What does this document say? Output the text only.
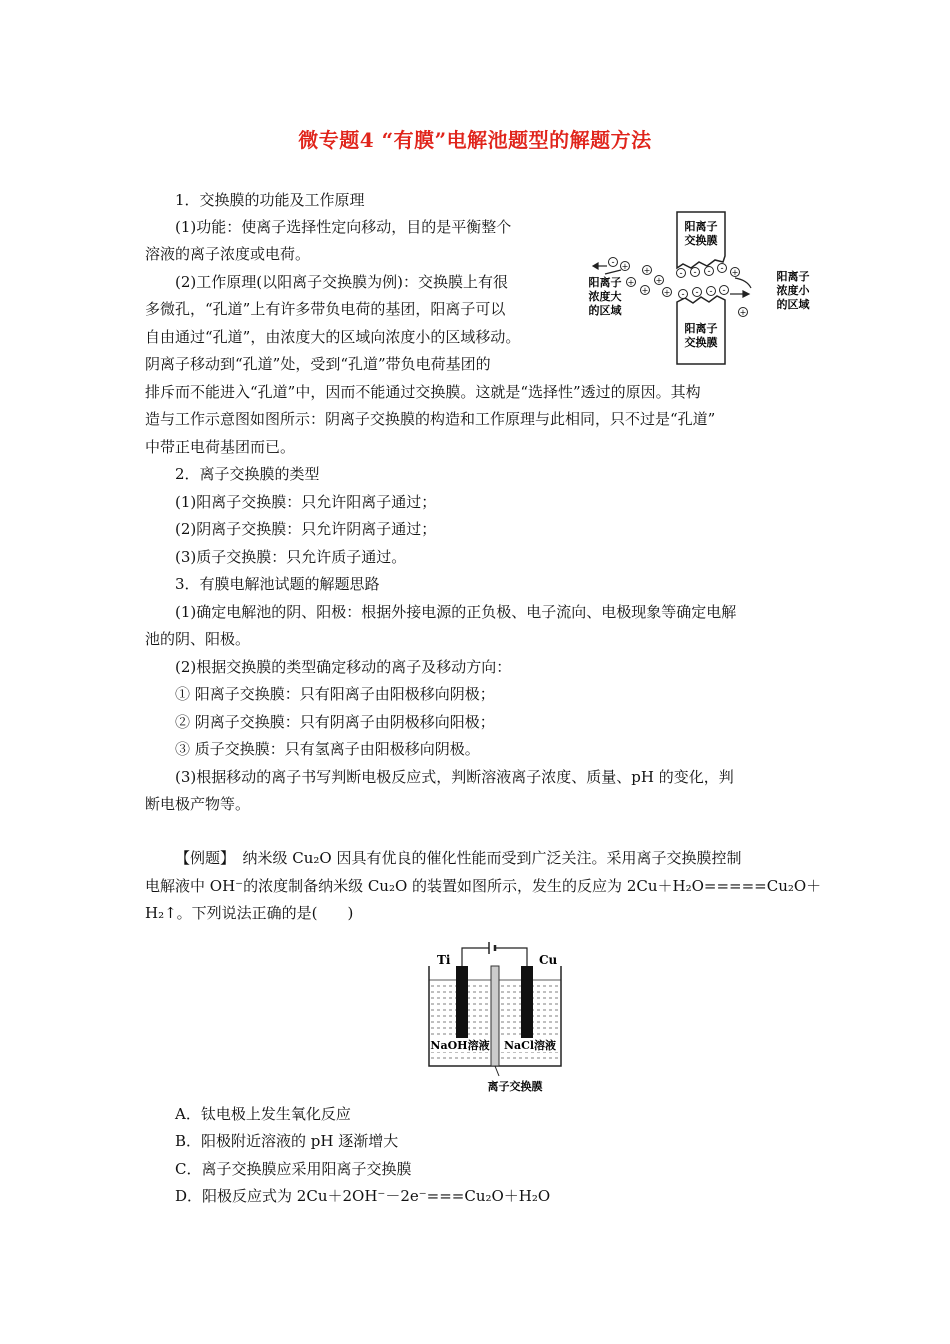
微专题4 “有膜”电解池题型的解题方法
1．交换膜的功能及工作原理
(1)功能：使离子选择性定向移动，目的是平衡整个
溶液的离子浓度或电荷。
(2)工作原理(以阳离子交换膜为例)：交换膜上有很
多微孔，“孔道”上有许多带负电荷的基团，阳离子可以
自由通过“孔道”，由浓度大的区域向浓度小的区域移动。
阴离子移动到“孔道”处，受到“孔道”带负电荷基团的
排斥而不能进入“孔道”中，因而不能通过交换膜。这就是“选择性”透过的原因。其构
造与工作示意图如图所示：阴离子交换膜的构造和工作原理与此相同，只不过是“孔道”
中带正电荷基团而已。
2．离子交换膜的类型
(1)阳离子交换膜：只允许阳离子通过；
(2)阴离子交换膜：只允许阴离子通过；
(3)质子交换膜：只允许质子通过。
3．有膜电解池试题的解题思路
(1)确定电解池的阴、阳极：根据外接电源的正负极、电子流向、电极现象等确定电解
池的阴、阳极。
(2)根据交换膜的类型确定移动的离子及移动方向：
① 阳离子交换膜：只有阳离子由阳极移向阴极；
② 阴离子交换膜：只有阴离子由阴极移向阳极；
③ 质子交换膜：只有氢离子由阳极移向阴极。
(3)根据移动的离子书写判断电极反应式，判断溶液离子浓度、质量、pH 的变化，判
断电极产物等。
【例题】　纳米级 Cu₂O 因具有优良的催化性能而受到广泛关注。采用离子交换膜控制
电解液中 OH⁻的浓度制备纳米级 Cu₂O 的装置如图所示，发生的反应为 2Cu＋H₂O=====Cu₂O＋
H₂↑。下列说法正确的是(　　)
A．钛电极上发生氧化反应
B．阳极附近溶液的 pH 逐渐增大
C．离子交换膜应采用阳离子交换膜
D．阳极反应式为 2Cu＋2OH⁻－2e⁻===Cu₂O＋H₂O
阳离子
交换膜
阳离子
交换膜
- - - -
- - - -
+ +
+
+ +
+
+
+
-
阳离子
浓度大
的区域
阳离子
浓度小
的区域
Ti	Cu
NaOH溶液 NaCl溶液
离子交换膜
